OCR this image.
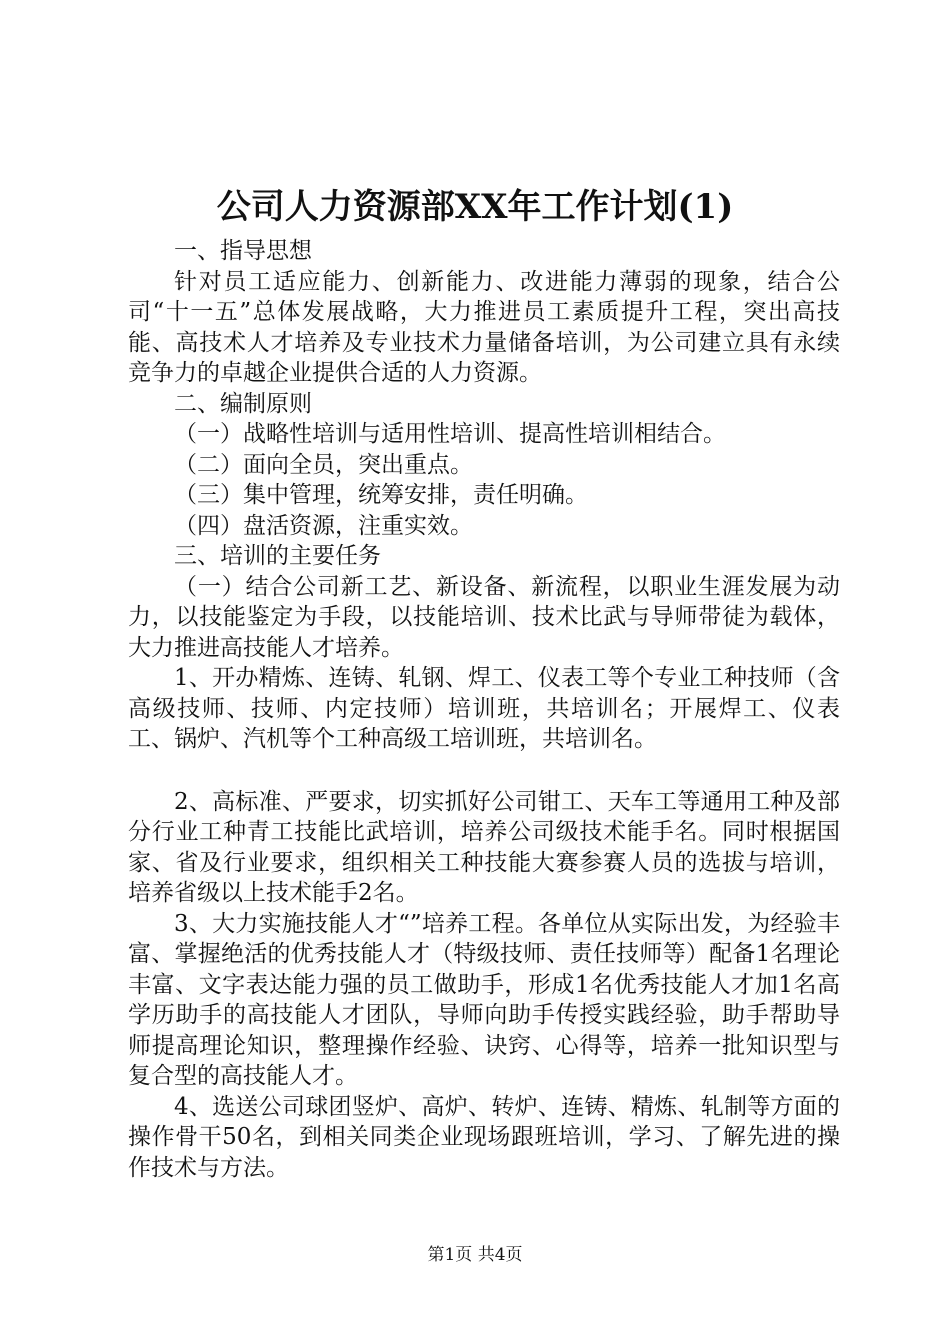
公司人力资源部XX年工作计划(1)

一、指导思想

针对员工适应能力、创新能力、改进能力薄弱的现象，结合公司“十一五”总体发展战略，大力推进员工素质提升工程，突出高技能、高技术人才培养及专业技术力量储备培训，为公司建立具有永续竞争力的卓越企业提供合适的人力资源。

二、编制原则

（一）战略性培训与适用性培训、提高性培训相结合。

（二）面向全员，突出重点。

（三）集中管理，统筹安排，责任明确。

（四）盘活资源，注重实效。

三、培训的主要任务

（一）结合公司新工艺、新设备、新流程，以职业生涯发展为动力，以技能鉴定为手段，以技能培训、技术比武与导师带徒为载体，大力推进高技能人才培养。

1、开办精炼、连铸、轧钢、焊工、仪表工等个专业工种技师（含高级技师、技师、内定技师）培训班，共培训名；开展焊工、仪表工、锅炉、汽机等个工种高级工培训班，共培训名。

2、高标准、严要求，切实抓好公司钳工、天车工等通用工种及部分行业工种青工技能比武培训，培养公司级技术能手名。同时根据国家、省及行业要求，组织相关工种技能大赛参赛人员的选拔与培训，培养省级以上技术能手2名。

3、大力实施技能人才“”培养工程。各单位从实际出发，为经验丰富、掌握绝活的优秀技能人才（特级技师、责任技师等）配备1名理论丰富、文字表达能力强的员工做助手，形成1名优秀技能人才加1名高学历助手的高技能人才团队，导师向助手传授实践经验，助手帮助导师提高理论知识，整理操作经验、诀窍、心得等，培养一批知识型与复合型的高技能人才。

4、选送公司球团竖炉、高炉、转炉、连铸、精炼、轧制等方面的操作骨干50名，到相关同类企业现场跟班培训，学习、了解先进的操作技术与方法。

第1页 共4页
